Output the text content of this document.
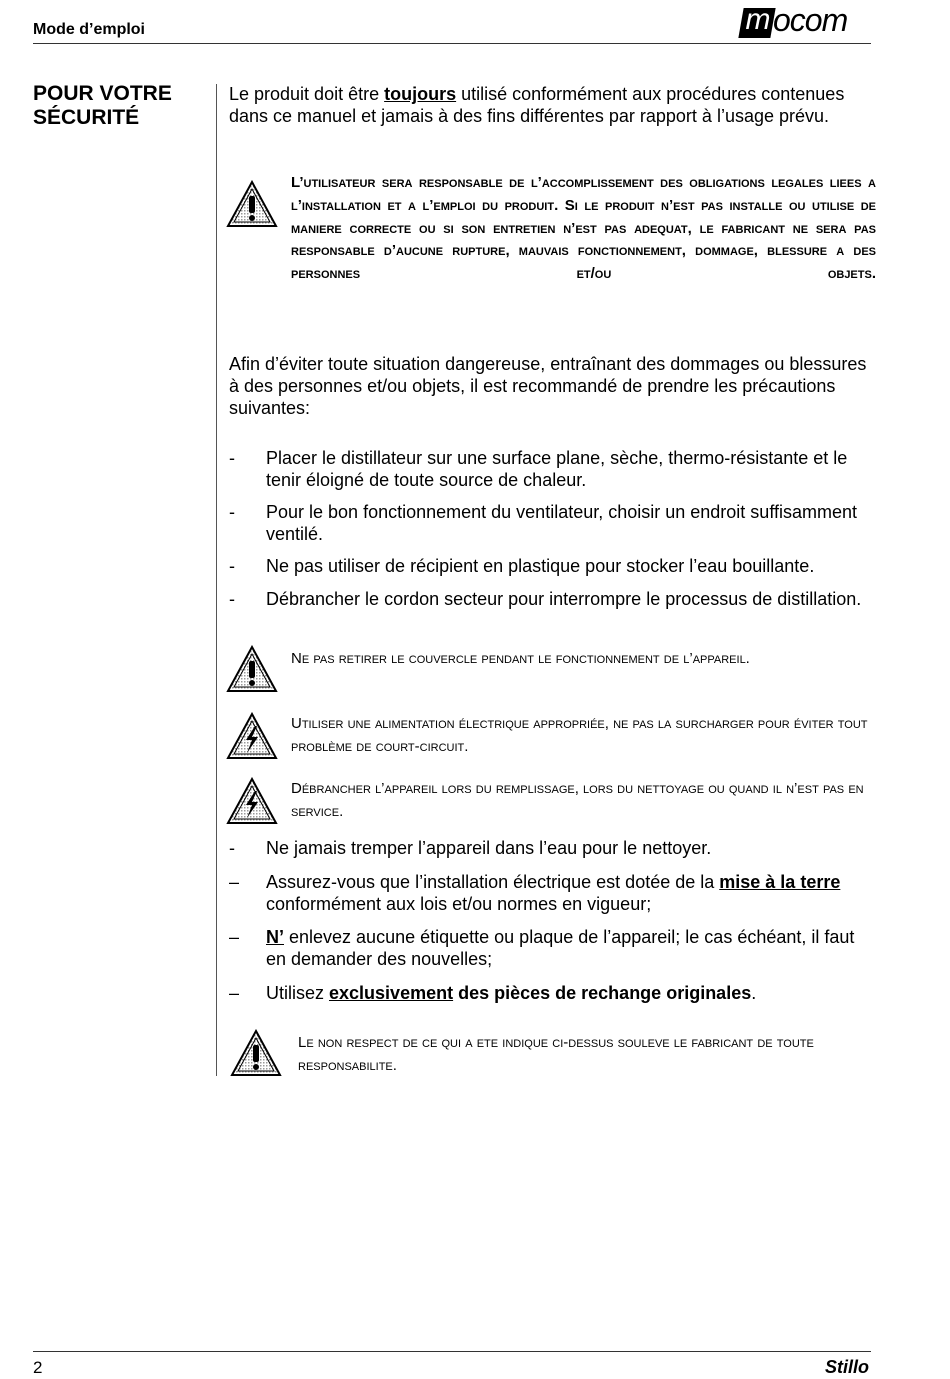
Mode d’emploi	m ocom
POUR VOTRE
SÉCURITÉ

Le produit doit être toujours utilisé conformément aux procédures contenues dans ce manuel et jamais à des fins différentes par rapport à l’usage prévu.

L’utilisateur sera responsable de l’accomplissement des obligations legales liees a l’installation et a l’emploi du produit. Si le produit n’est pas installe ou utilise de maniere correcte ou si son entretien n’est pas adequat, le fabricant ne sera pas responsable d’aucune rupture, mauvais fonctionnement, dommage, blessure a des personnes et/ou objets.

Afin d’éviter toute situation dangereuse, entraînant des dommages ou blessures à des personnes et/ou objets, il est recommandé de prendre les précautions suivantes:

- Placer le distillateur sur une surface plane, sèche, thermo-résistante et le tenir éloigné de toute source de chaleur.

- Pour le bon fonctionnement du ventilateur, choisir un endroit suffisamment ventilé.

- Ne pas utiliser de récipient en plastique pour stocker l’eau bouillante.

- Débrancher le cordon secteur pour interrompre le processus de distillation.

Ne pas retirer le couvercle pendant le fonctionnement de l’appareil.

Utiliser une alimentation électrique appropriée, ne pas la surcharger pour éviter tout problème de court-circuit.

Débrancher l’appareil lors du remplissage, lors du nettoyage ou quand il n’est pas en service.

- Ne jamais tremper l’appareil dans l’eau pour le nettoyer.

– Assurez-vous que l’installation électrique est dotée de la mise à la terre conformément aux lois et/ou normes en vigueur;

– N’ enlevez aucune étiquette ou plaque de l’appareil; le cas échéant, il faut en demander des nouvelles;

– Utilisez exclusivement des pièces de rechange originales.

Le non respect de ce qui a ete indique ci-dessus souleve le fabricant de toute responsabilite.

2	Stillo
